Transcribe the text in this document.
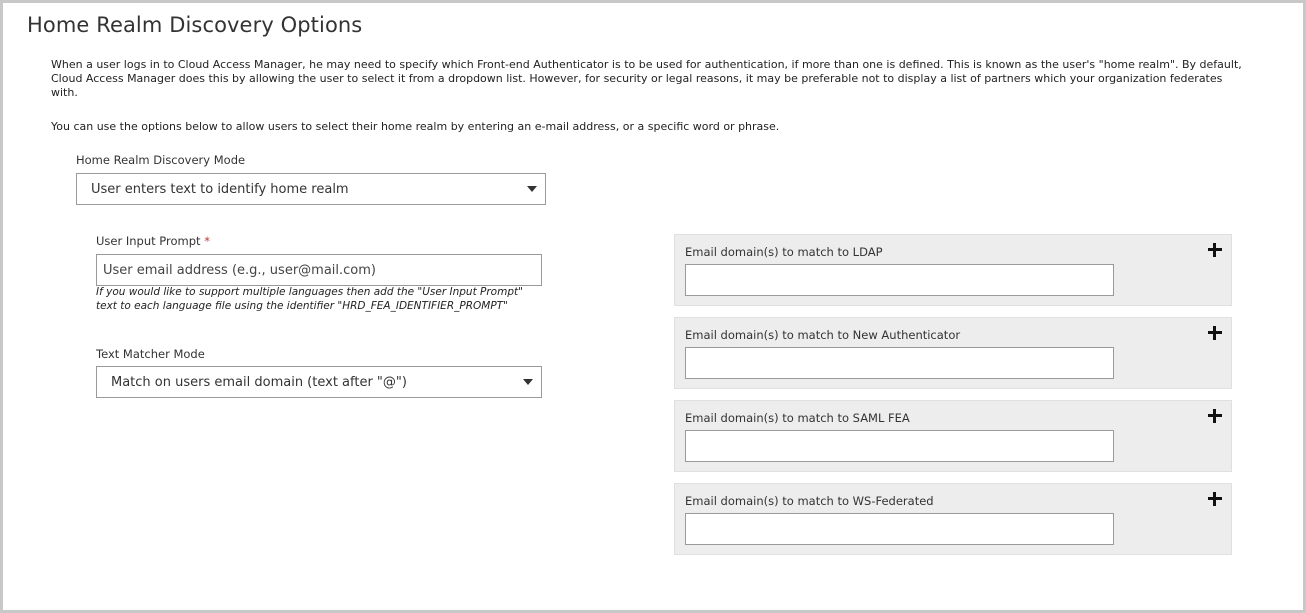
Home Realm Discovery Options

When a user logs in to Cloud Access Manager, he may need to specify which Front-end Authenticator is to be used for authentication, if more than one is defined. This is known as the user's "home realm". By default, Cloud Access Manager does this by allowing the user to select it from a dropdown list. However, for security or legal reasons, it may be preferable not to display a list of partners which your organization federates with.

You can use the options below to allow users to select their home realm by entering an e-mail address, or a specific word or phrase.

Home Realm Discovery Mode
User enters text to identify home realm
User Input Prompt *
User email address (e.g., user@mail.com)
If you would like to support multiple languages then add the "User Input Prompt" text to each language file using the identifier "HRD_FEA_IDENTIFIER_PROMPT"
Text Matcher Mode
Match on users email domain (text after "@")
Email domain(s) to match to LDAP
Email domain(s) to match to New Authenticator
Email domain(s) to match to SAML FEA
Email domain(s) to match to WS-Federated
